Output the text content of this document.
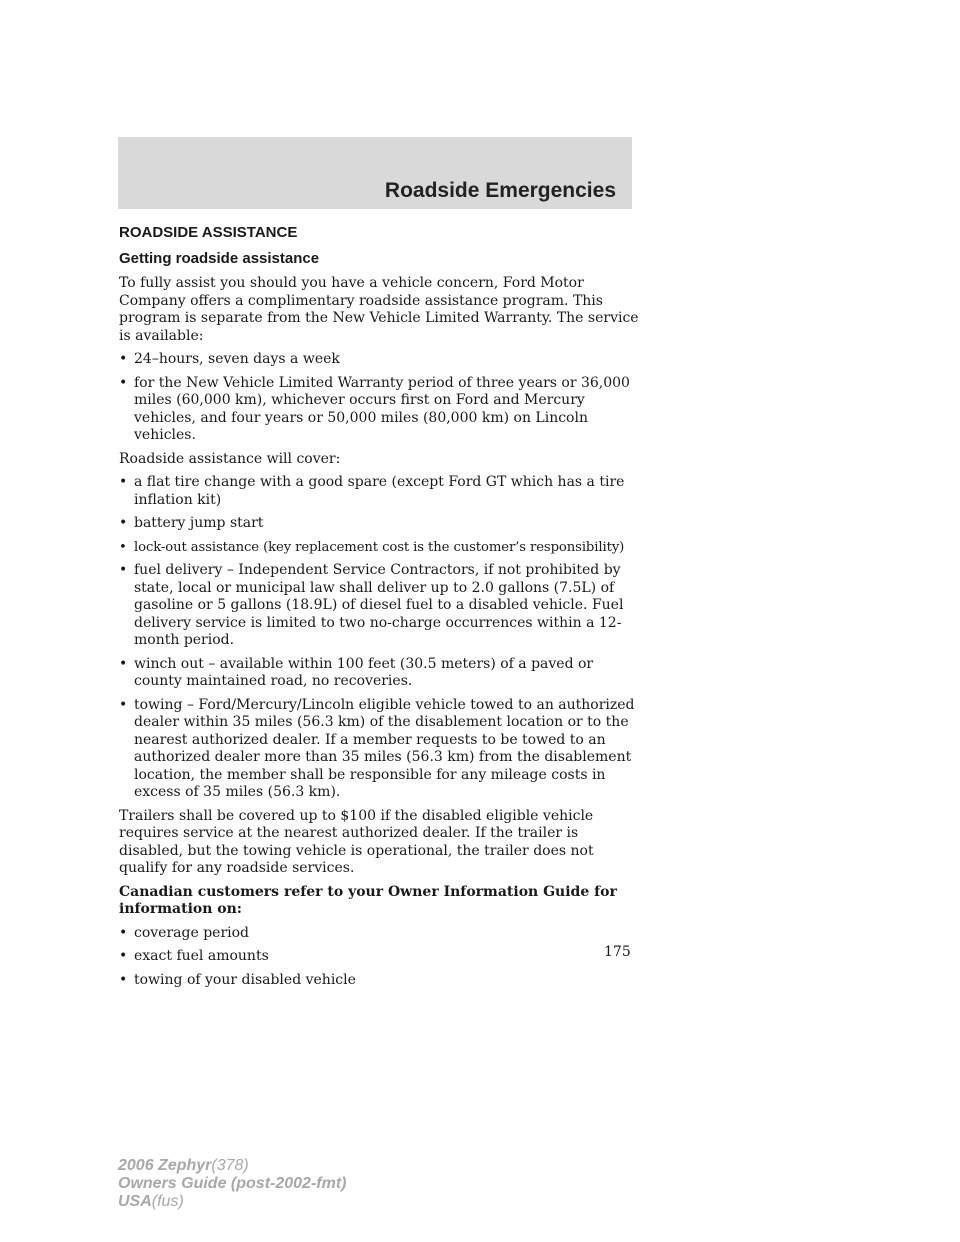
Roadside Emergencies
ROADSIDE ASSISTANCE
Getting roadside assistance

To fully assist you should you have a vehicle concern, Ford Motor Company offers a complimentary roadside assistance program. This program is separate from the New Vehicle Limited Warranty. The service is available:

• 24–hours, seven days a week
• for the New Vehicle Limited Warranty period of three years or 36,000 miles (60,000 km), whichever occurs first on Ford and Mercury vehicles, and four years or 50,000 miles (80,000 km) on Lincoln vehicles.

Roadside assistance will cover:

• a flat tire change with a good spare (except Ford GT which has a tire inflation kit)
• battery jump start
• lock-out assistance (key replacement cost is the customer’s responsibility)
• fuel delivery – Independent Service Contractors, if not prohibited by state, local or municipal law shall deliver up to 2.0 gallons (7.5L) of gasoline or 5 gallons (18.9L) of diesel fuel to a disabled vehicle. Fuel delivery service is limited to two no-charge occurrences within a 12-month period.
• winch out – available within 100 feet (30.5 meters) of a paved or county maintained road, no recoveries.
• towing – Ford/Mercury/Lincoln eligible vehicle towed to an authorized dealer within 35 miles (56.3 km) of the disablement location or to the nearest authorized dealer. If a member requests to be towed to an authorized dealer more than 35 miles (56.3 km) from the disablement location, the member shall be responsible for any mileage costs in excess of 35 miles (56.3 km).

Trailers shall be covered up to $100 if the disabled eligible vehicle requires service at the nearest authorized dealer. If the trailer is disabled, but the towing vehicle is operational, the trailer does not qualify for any roadside services.

Canadian customers refer to your Owner Information Guide for information on:

• coverage period
• exact fuel amounts
• towing of your disabled vehicle
175
2006 Zephyr(378)
Owners Guide (post-2002-fmt)
USA(fus)
